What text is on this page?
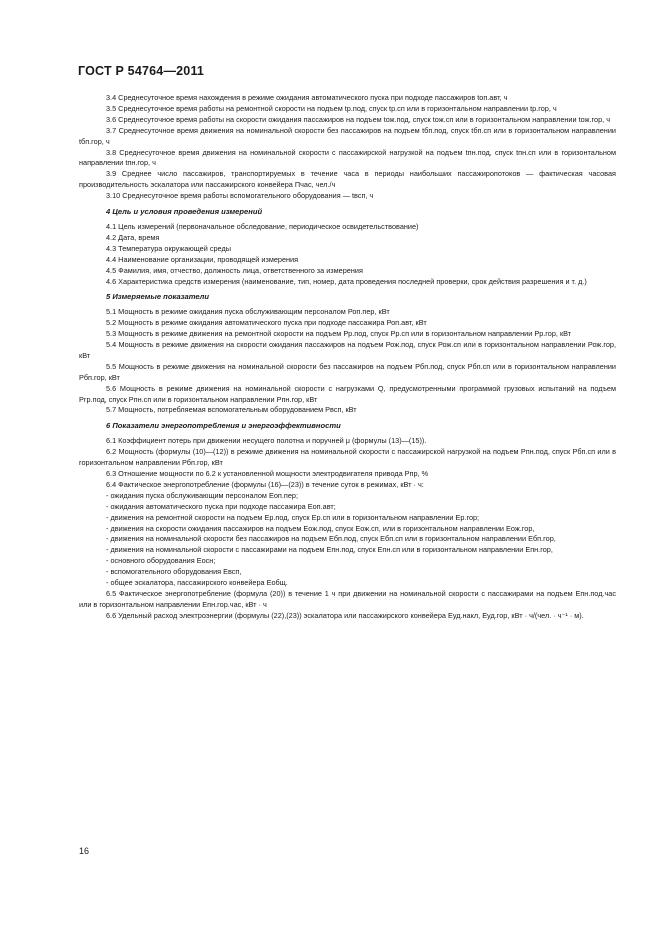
ГОСТ Р 54764—2011
3.4 Среднесуточное время нахождения в режиме ожидания автоматического пуска при подходе пассажиров tоп.авт, ч
3.5 Среднесуточное время работы на ремонтной скорости на подъем tр.под, спуск tр.сп или в горизонтальном направлении tр.гор, ч
3.6 Среднесуточное время работы на скорости ожидания пассажиров на подъем tож.под, спуск tож.сп или в горизонтальном направлении tож.гор, ч
3.7 Среднесуточное время движения на номинальной скорости без пассажиров на подъем tбп.под, спуск tбп.сп или в горизонтальном направлении tбп.гор, ч
3.8 Среднесуточное время движения на номинальной скорости с пассажирской нагрузкой на подъем tпн.под, спуск tпн.сп или в горизонтальном направлении tпн.гор, ч
3.9 Среднее число пассажиров, транспортируемых в течение часа в периоды наибольших пассажиропотоков — фактическая часовая производительность эскалатора или пассажирского конвейера Пчас, чел./ч
3.10 Среднесуточное время работы вспомогательного оборудования — tвсп, ч
4 Цель и условия проведения измерений
4.1 Цель измерений (первоначальное обследование, периодическое освидетельствование)
4.2 Дата, время
4.3 Температура окружающей среды
4.4 Наименование организации, проводящей измерения
4.5 Фамилия, имя, отчество, должность лица, ответственного за измерения
4.6 Характеристика средств измерения (наименование, тип, номер, дата проведения последней проверки, срок действия разрешения и т. д.)
5 Измеряемые показатели
5.1 Мощность в режиме ожидания пуска обслуживающим персоналом Роп.пер, кВт
5.2 Мощность в режиме ожидания автоматического пуска при подходе пассажира Роп.авт, кВт
5.3 Мощность в режиме движения на ремонтной скорости на подъем Рр.под, спуск Рр.сп или в горизонтальном направлении Рр.гор, кВт
5.4 Мощность в режиме движения на скорости ожидания пассажиров на подъем Рож.под, спуск Рож.сп или в горизонтальном направлении Рож.гор, кВт
5.5 Мощность в режиме движения на номинальной скорости без пассажиров на подъем Рбп.под, спуск Рбп.сп или в горизонтальном направлении Рбп.гор, кВт
5.6 Мощность в режиме движения на номинальной скорости с нагрузками Q, предусмотренными программой грузовых испытаний на подъем Ргр.под, спуск Рпн.сп или в горизонтальном направлении Рпн.гор, кВт
5.7 Мощность, потребляемая вспомогательным оборудованием Рвсп, кВт
6 Показатели энергопотребления и энергоэффективности
6.1 Коэффициент потерь при движении несущего полотна и поручней μ (формулы (13)—(15)).
6.2 Мощность (формулы (10)—(12)) в режиме движения на номинальной скорости с пассажирской нагрузкой на подъем Рпн.под, спуск Рбп.сп или в горизонтальном направлении Рбп.гор, кВт
6.3 Отношение мощности по 6.2 к установленной мощности электродвигателя привода Рпр, %
6.4 Фактическое энергопотребление (формулы (16)—(23)) в течение суток в режимах, кВт · ч:
- ожидания пуска обслуживающим персоналом Еоп.пер;
- ожидания автоматического пуска при подходе пассажира Еоп.авт;
- движения на ремонтной скорости на подъем Ер.под, спуск Ер.сп или в горизонтальном направлении Ер.гор;
- движения на скорости ожидания пассажиров на подъем Еож.под, спуск Еож.сп, или в горизонтальном направлении Еож.гор,
- движения на номинальной скорости без пассажиров на подъем Ебп.под, спуск Ебп.сп или в горизонтальном направлении Ебп.гор,
- движения на номинальной скорости с пассажирами на подъем Епн.под, спуск Епн.сп или в горизонтальном направлении Епн.гор,
- основного оборудования Еосн;
- вспомогательного оборудования Евсп,
- общее эскалатора, пассажирского конвейера Еобщ.
6.5 Фактическое энергопотребление (формула (20)) в течение 1 ч при движении на номинальной скорости с пассажирами на подъем Епн.под.час или в горизонтальном направлении Епн.гор.час, кВт · ч
6.6 Удельный расход электроэнергии (формулы (22),(23)) эскалатора или пассажирского конвейера Еуд.накл, Еуд.гор, кВт · ч/(чел. · ч⁻¹ · м).
16
